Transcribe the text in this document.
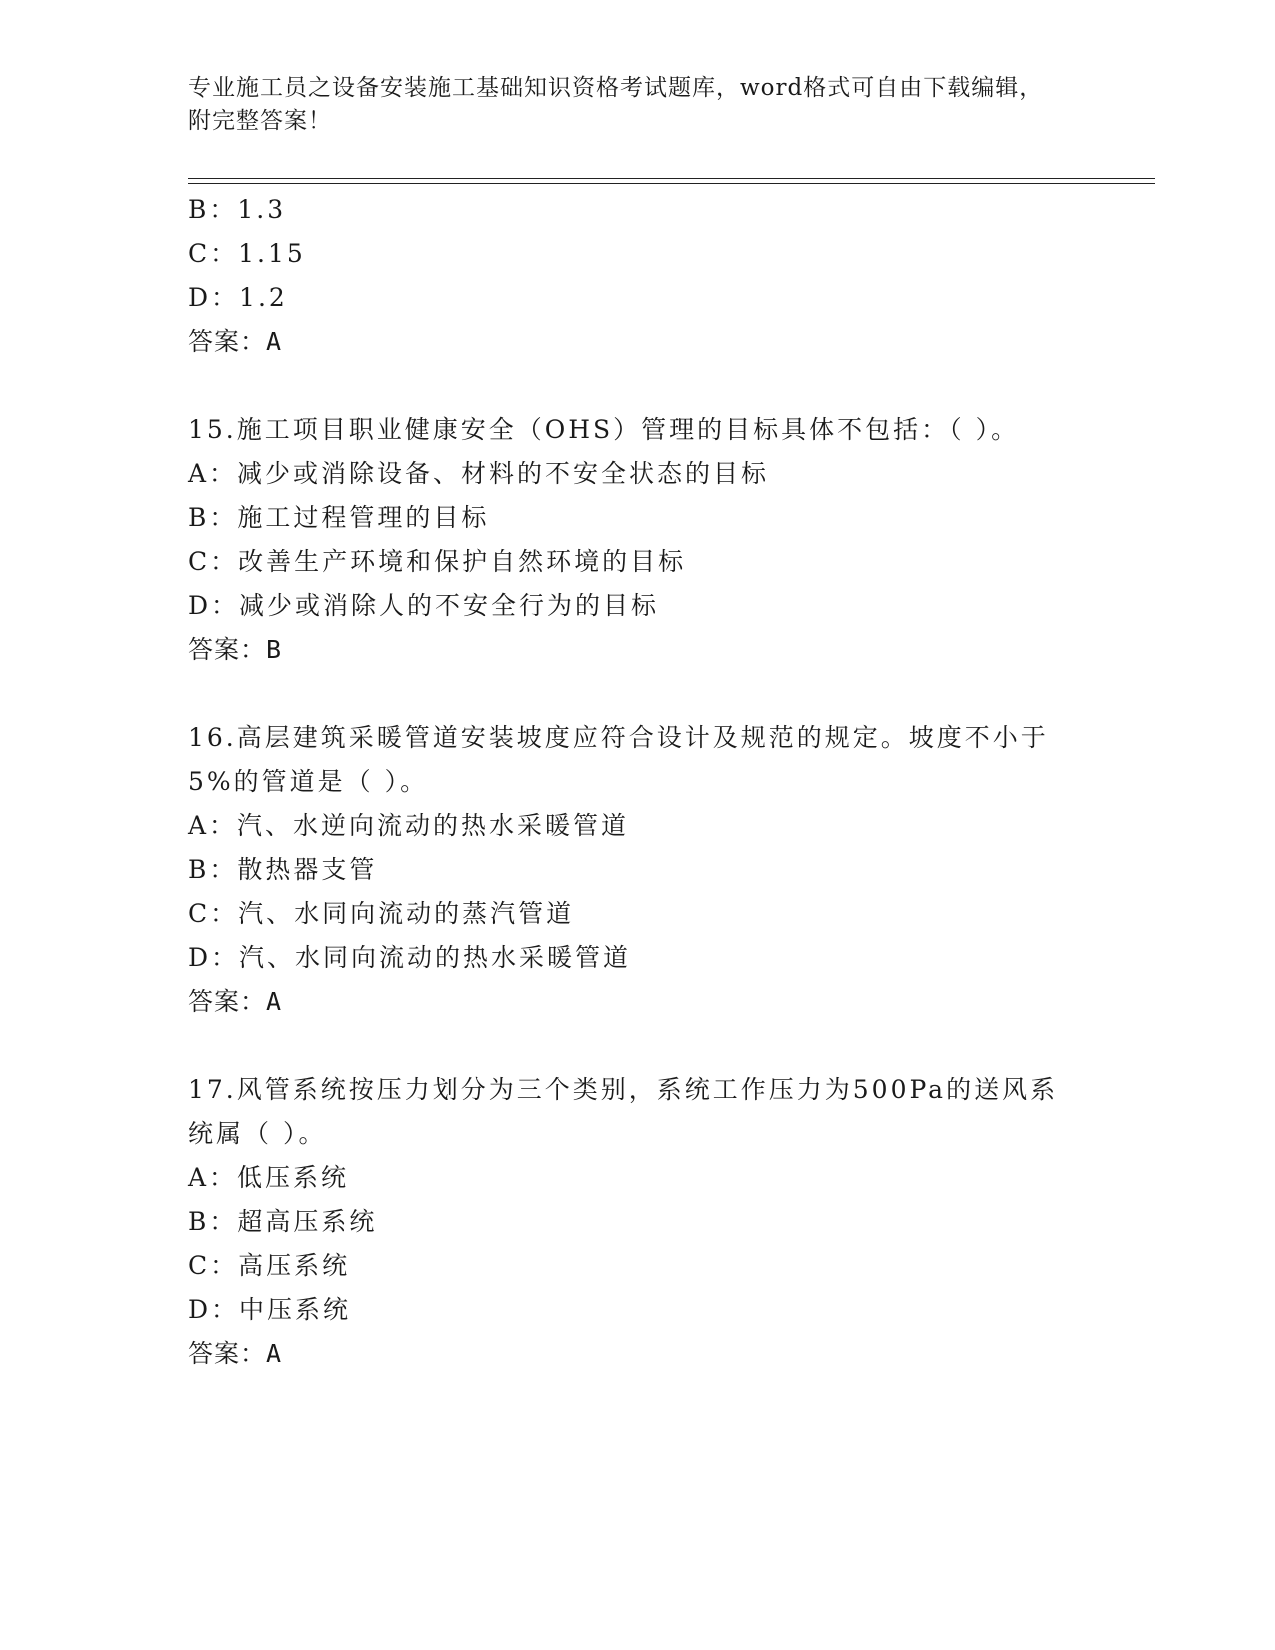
专业施工员之设备安装施工基础知识资格考试题库，word格式可自由下载编辑，
附完整答案！
B：1.3
C：1.15
D：1.2
答案：A
15.施工项目职业健康安全（OHS）管理的目标具体不包括：（ ）。
A：减少或消除设备、材料的不安全状态的目标
B：施工过程管理的目标
C：改善生产环境和保护自然环境的目标
D：减少或消除人的不安全行为的目标
答案：B
16.高层建筑采暖管道安装坡度应符合设计及规范的规定。坡度不小于
5%的管道是（ ）。
A：汽、水逆向流动的热水采暖管道
B：散热器支管
C：汽、水同向流动的蒸汽管道
D：汽、水同向流动的热水采暖管道
答案：A
17.风管系统按压力划分为三个类别，系统工作压力为500Pa的送风系
统属（ ）。
A：低压系统
B：超高压系统
C：高压系统
D：中压系统
答案：A
